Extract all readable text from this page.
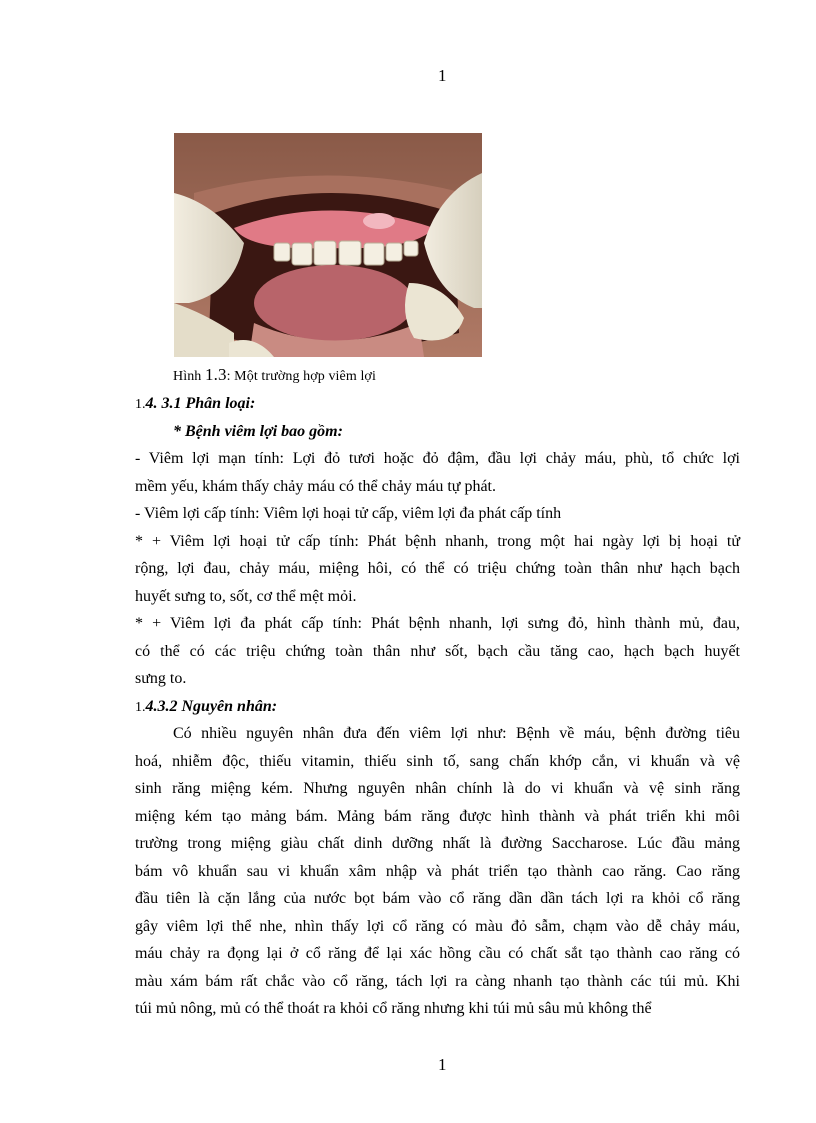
1
Hình 1.3: Một trường hợp viêm lợi
1.4. 3.1 Phân loại:
* Bệnh viêm lợi bao gồm:
- Viêm lợi mạn tính: Lợi đỏ tươi hoặc đỏ đậm, đầu lợi chảy máu, phù, tổ chức lợi
mềm yếu, khám thấy chảy máu có thể chảy máu tự phát.
- Viêm lợi cấp tính: Viêm lợi hoại tử cấp, viêm lợi đa phát cấp tính
* + Viêm lợi hoại tử cấp tính: Phát bệnh nhanh, trong một hai ngày lợi bị hoại tử
rộng, lợi đau, chảy máu, miệng hôi, có thể có triệu chứng toàn thân như hạch bạch
huyết sưng to, sốt, cơ thể mệt mỏi.
* + Viêm lợi đa phát cấp tính: Phát bệnh nhanh, lợi sưng đỏ, hình thành mủ, đau,
có thể có các triệu chứng toàn thân như sốt, bạch cầu tăng cao, hạch bạch huyết
sưng to.
1.4.3.2 Nguyên nhân:
Có nhiều nguyên nhân đưa đến viêm lợi như: Bệnh về máu, bệnh đường tiêu
hoá, nhiễm độc, thiếu vitamin, thiếu sinh tố, sang chấn khớp cắn, vi khuẩn và vệ
sinh răng miệng kém. Nhưng nguyên nhân chính là do vi khuẩn và vệ sinh răng
miệng kém tạo mảng bám. Mảng bám răng được hình thành và phát triển khi môi
trường trong miệng giàu chất dinh dưỡng nhất là đường Saccharose. Lúc đầu mảng
bám vô khuẩn sau vi khuẩn xâm nhập và phát triển tạo thành cao răng. Cao răng
đầu tiên là cặn lắng của nước bọt bám vào cổ răng dần dần tách lợi ra khỏi cổ răng
gây viêm lợi thể nhe, nhìn thấy lợi cổ răng có màu đỏ sẫm, chạm vào dễ chảy máu,
máu chảy ra đọng lại ở cổ răng để lại xác hồng cầu có chất sắt tạo thành cao răng có
màu xám bám rất chắc vào cổ răng, tách lợi ra càng nhanh tạo thành các túi mủ. Khi
túi mủ nông, mủ có thể thoát ra khỏi cổ răng nhưng khi túi mủ sâu mủ không thể
1
